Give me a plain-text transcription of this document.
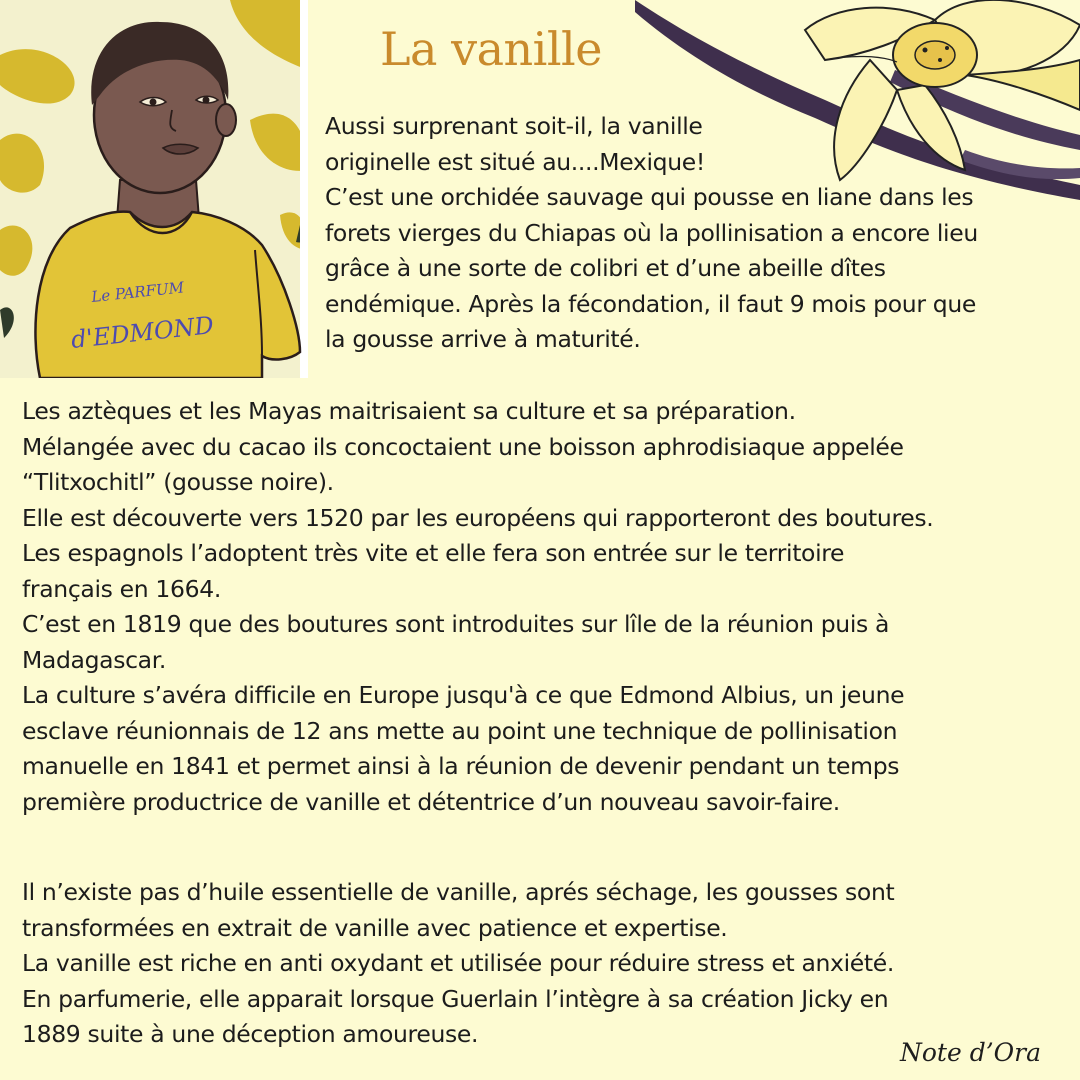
Le PARFUM
d'EDMOND
La vanille

Aussi surprenant soit-il, la vanille

originelle est situé au....Mexique!

C’est une orchidée sauvage qui pousse en liane dans les

forets vierges du Chiapas où la pollinisation a encore lieu

grâce à une sorte de colibri et d’une abeille dîtes

endémique. Après la fécondation, il faut 9 mois pour que

la gousse arrive à maturité.

Les aztèques et les Mayas maitrisaient sa culture et sa préparation.

Mélangée avec du cacao ils concoctaient une boisson aphrodisiaque appelée

“Tlitxochitl” (gousse noire).

Elle est découverte vers 1520 par les européens qui rapporteront des boutures.

Les espagnols l’adoptent très vite et elle fera son entrée sur le territoire

français en 1664.

C’est en 1819 que des boutures sont introduites sur lîle de la réunion puis à

Madagascar.

La culture s’avéra difficile en Europe jusqu'à ce que Edmond Albius, un jeune

esclave réunionnais de 12 ans mette au point une technique de pollinisation

manuelle en 1841 et permet ainsi à la réunion de devenir pendant un temps

première productrice de vanille et détentrice d’un nouveau savoir-faire.

Il n’existe pas d’huile essentielle de vanille, aprés séchage, les gousses sont

transformées en extrait de vanille avec patience et expertise.

La vanille est riche en anti oxydant et utilisée pour réduire stress et anxiété.

En parfumerie, elle apparait lorsque Guerlain l’intègre à sa création Jicky en

1889 suite à une déception amoureuse.

Note d’Ora
